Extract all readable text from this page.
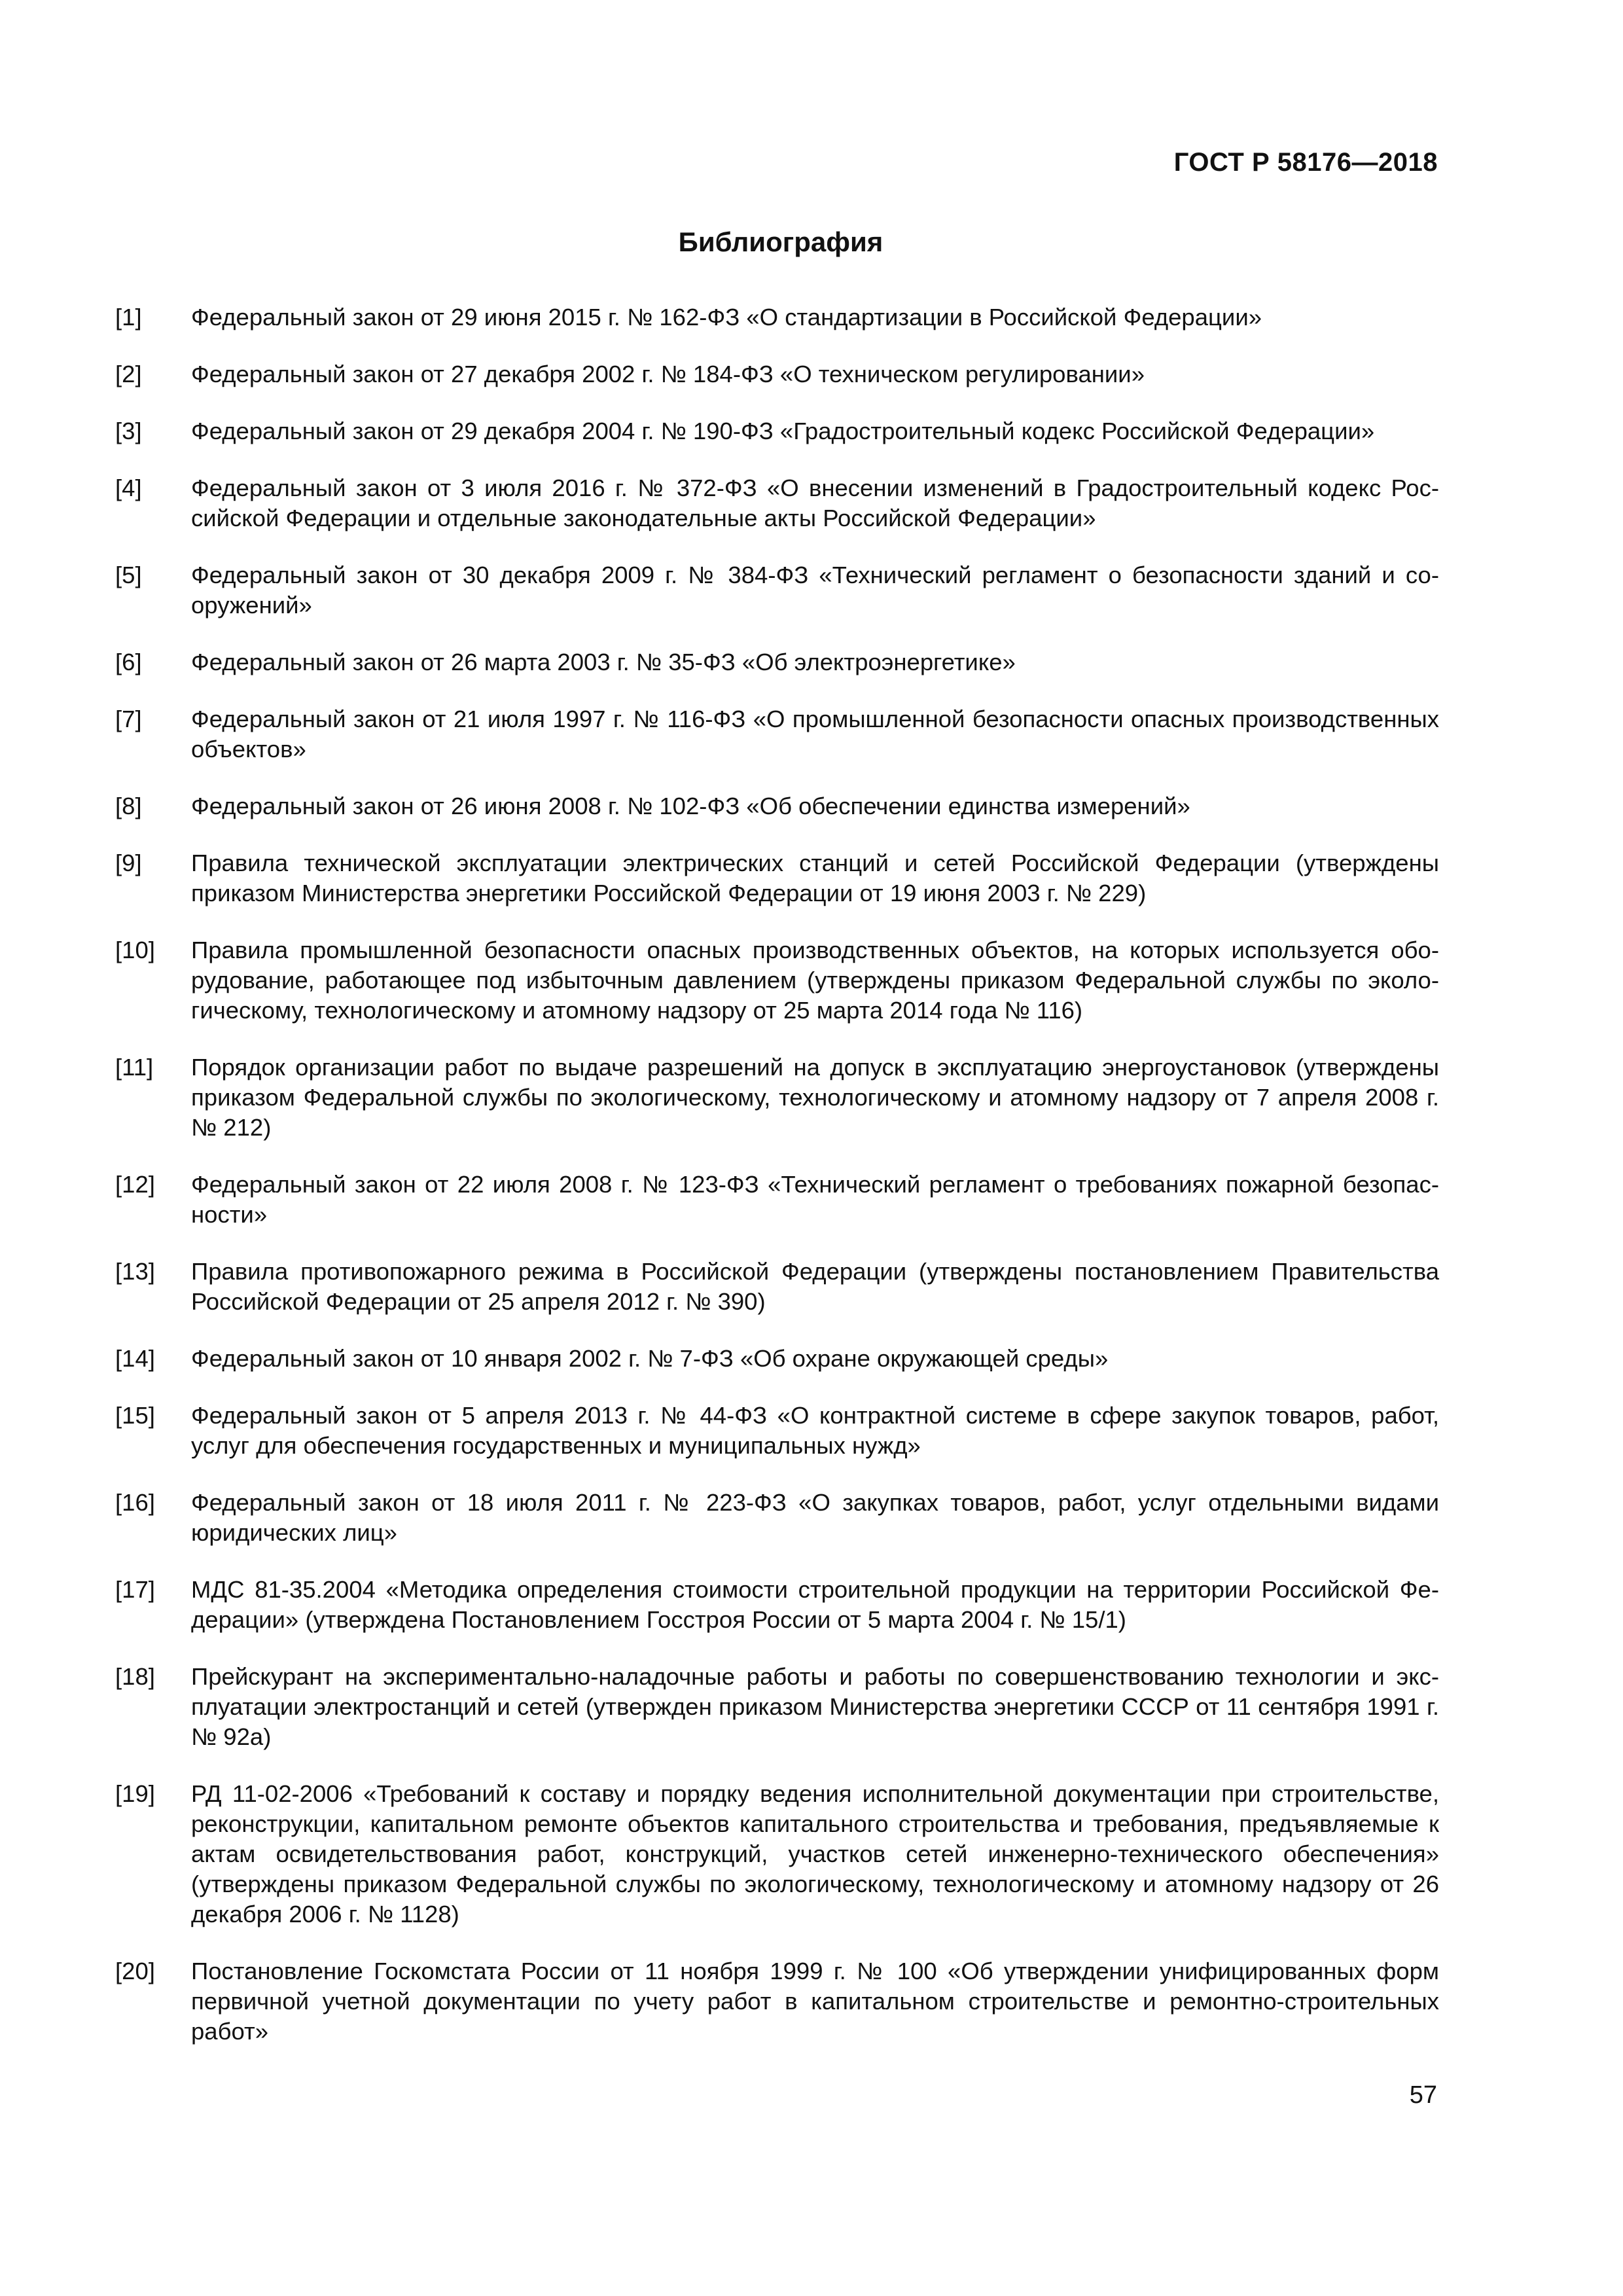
ГОСТ Р 58176—2018
Библиография
[1]	Федеральный закон от 29 июня 2015 г. № 162-ФЗ «О стандартизации в Российской Федерации»
[2]	Федеральный закон от 27 декабря 2002 г. № 184-ФЗ «О техническом регулировании»
[3]	Федеральный закон от 29 декабря 2004 г. № 190-ФЗ «Градостроительный кодекс Российской Федерации»
[4]	Федеральный закон от 3 июля 2016 г. № 372-ФЗ «О внесении изменений в Градостроительный кодекс Российской Федерации и отдельные законодательные акты Российской Федерации»
[5]	Федеральный закон от 30 декабря 2009 г. № 384-ФЗ «Технический регламент о безопасности зданий и сооружений»
[6]	Федеральный закон от 26 марта 2003 г. № 35-ФЗ «Об электроэнергетике»
[7]	Федеральный закон от 21 июля 1997 г. № 116-ФЗ «О промышленной безопасности опасных производственных объектов»
[8]	Федеральный закон от 26 июня 2008 г. № 102-ФЗ «Об обеспечении единства измерений»
[9]	Правила технической эксплуатации электрических станций и сетей Российской Федерации (утверждены приказом Министерства энергетики Российской Федерации от 19 июня 2003 г. № 229)
[10]	Правила промышленной безопасности опасных производственных объектов, на которых используется оборудование, работающее под избыточным давлением (утверждены приказом Федеральной службы по экологическому, технологическому и атомному надзору от 25 марта 2014 года № 116)
[11]	Порядок организации работ по выдаче разрешений на допуск в эксплуатацию энергоустановок (утверждены приказом Федеральной службы по экологическому, технологическому и атомному надзору от 7 апреля 2008 г. № 212)
[12]	Федеральный закон от 22 июля 2008 г. № 123-ФЗ «Технический регламент о требованиях пожарной безопасности»
[13]	Правила противопожарного режима в Российской Федерации (утверждены постановлением Правительства Российской Федерации от 25 апреля 2012 г. № 390)
[14]	Федеральный закон от 10 января 2002 г. № 7-ФЗ «Об охране окружающей среды»
[15]	Федеральный закон от 5 апреля 2013 г. № 44-ФЗ «О контрактной системе в сфере закупок товаров, работ, услуг для обеспечения государственных и муниципальных нужд»
[16]	Федеральный закон от 18 июля 2011 г. № 223-ФЗ «О закупках товаров, работ, услуг отдельными видами юридических лиц»
[17]	МДС 81-35.2004 «Методика определения стоимости строительной продукции на территории Российской Федерации» (утверждена Постановлением Госстроя России от 5 марта 2004 г. № 15/1)
[18]	Прейскурант на экспериментально-наладочные работы и работы по совершенствованию технологии и эксплуатации электростанций и сетей (утвержден приказом Министерства энергетики СССР от 11 сентября 1991 г. № 92а)
[19]	РД 11-02-2006 «Требований к составу и порядку ведения исполнительной документации при строительстве, реконструкции, капитальном ремонте объектов капитального строительства и требования, предъявляемые к актам освидетельствования работ, конструкций, участков сетей инженерно-технического обеспечения» (утверждены приказом Федеральной службы по экологическому, технологическому и атомному надзору от 26 декабря 2006 г. № 1128)
[20]	Постановление Госкомстата России от 11 ноября 1999 г. № 100 «Об утверждении унифицированных форм первичной учетной документации по учету работ в капитальном строительстве и ремонтно-строительных работ»
57
